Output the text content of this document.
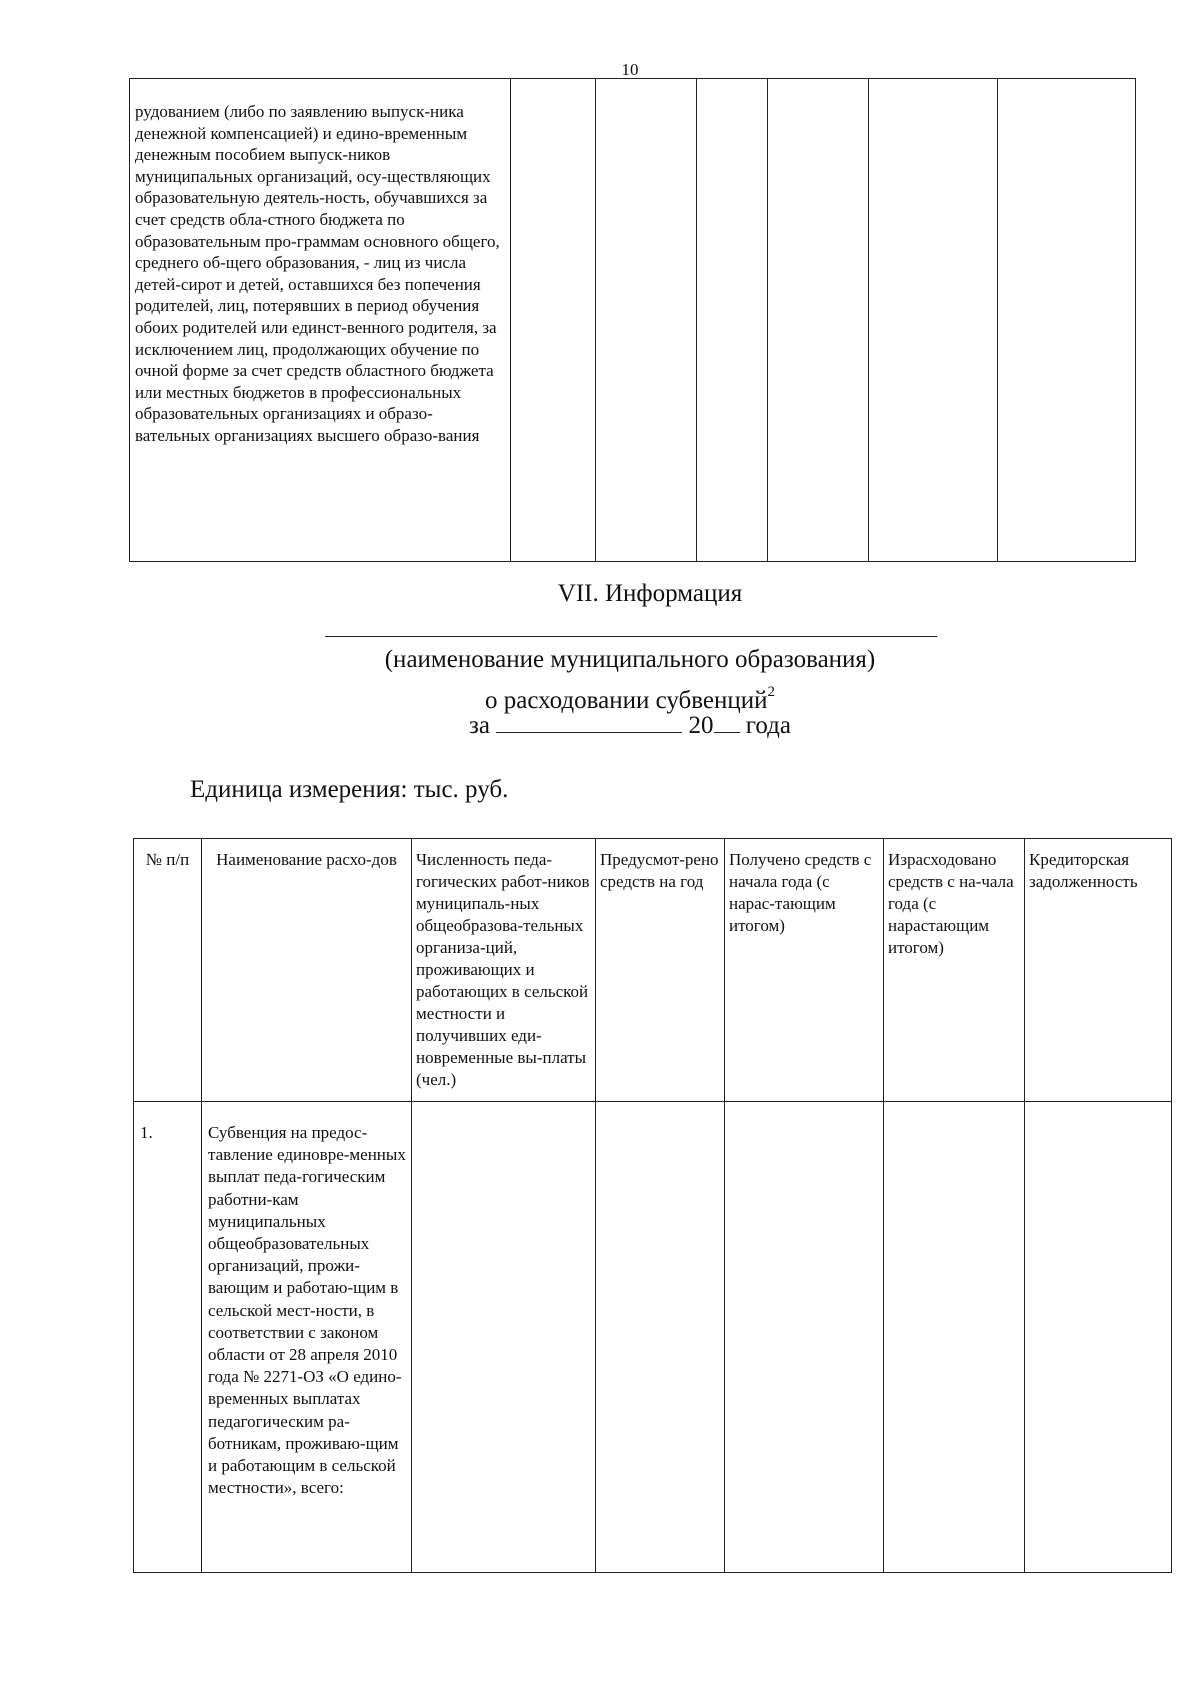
10
рудованием (либо по заявлению выпуск-ника денежной компенсацией) и едино-временным денежным пособием выпуск-ников муниципальных организаций, осу-ществляющих образовательную деятель-ность, обучавшихся за счет средств обла-стного бюджета по образовательным про-граммам основного общего, среднего об-щего образования, - лиц из числа детей-сирот и детей, оставшихся без попечения родителей, лиц, потерявших в период обучения обоих родителей или единст-венного родителя, за исключением лиц, продолжающих обучение по очной форме за счет средств областного бюджета или местных бюджетов в профессиональных образовательных организациях и образо-вательных организациях высшего образо-вания						
VII. Информация
(наименование муниципального образования)
о расходовании субвенций$^2$
за	20 года
Единица измерения: тыс. руб.
№ п/п	Наименование расхо-дов	Численность педа-гогических работ-ников муниципаль-ных общеобразова-тельных организа-ций, проживающих и работающих в сельской местности и получивших еди-новременные вы-платы (чел.)	Предусмот-рено средств на год	Получено средств с начала года (с нарас-тающим итогом)	Израсходовано средств с на-чала года (с нарастающим итогом)	Кредиторская задолженность
1.	Субвенция на предос-тавление единовре-менных выплат педа-гогическим работни-кам муниципальных общеобразовательных организаций, прожи-вающим и работаю-щим в сельской мест-ности, в соответствии с законом области от 28 апреля 2010 года № 2271-ОЗ «О едино-временных выплатах педагогическим ра-ботникам, проживаю-щим и работающим в сельской местности», всего:					
